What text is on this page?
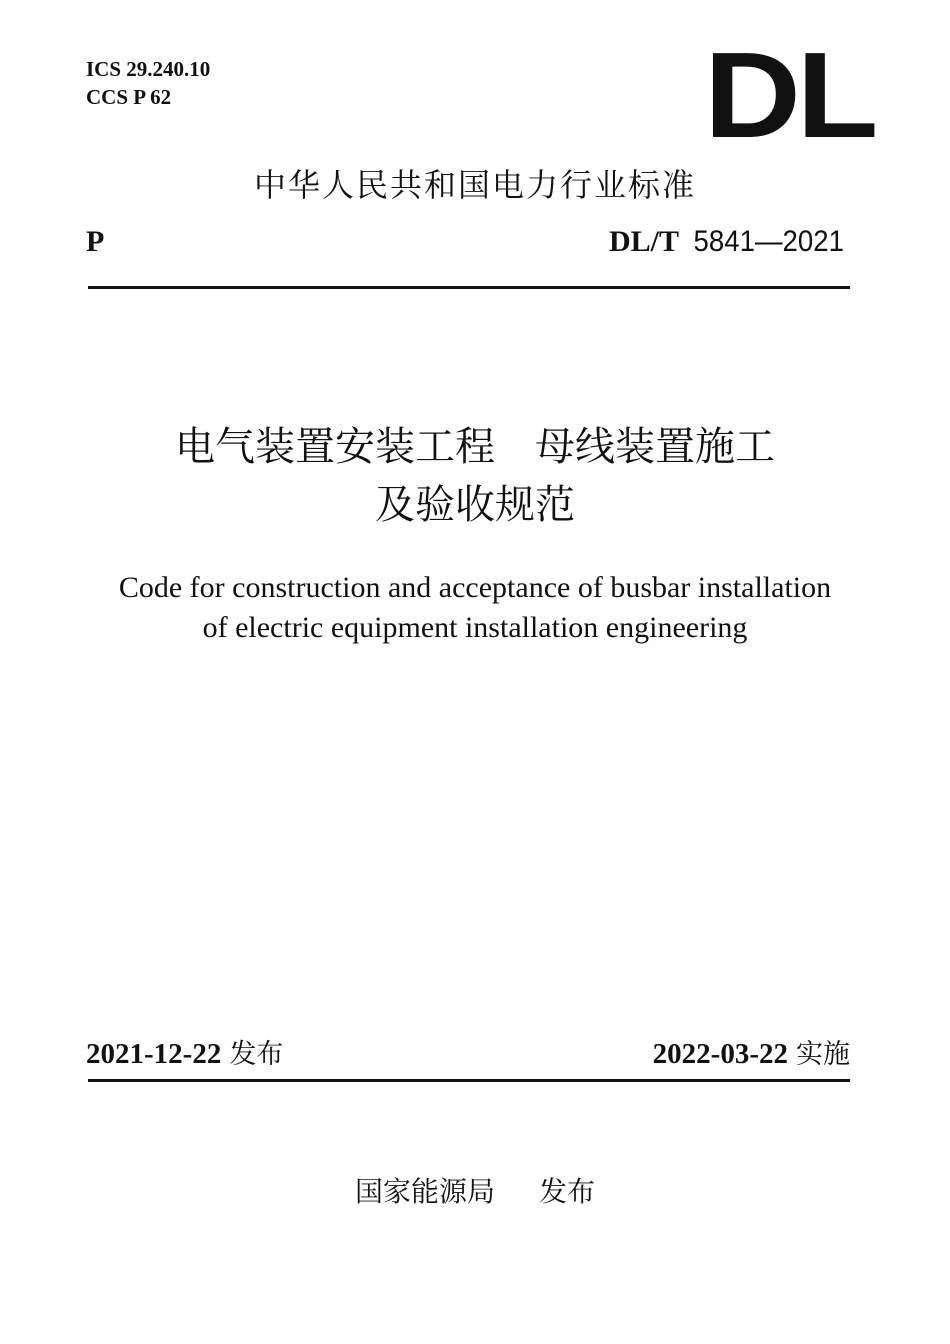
ICS 29.240.10
CCS P 62	DL
中华人民共和国电力行业标准
P	DL/T 5841—2021
电气装置安装工程　母线装置施工
及验收规范
Code for construction and acceptance of busbar installation
of electric equipment installation engineering
2021-12-22 发布	2022-03-22 实施
国家能源局 发布
